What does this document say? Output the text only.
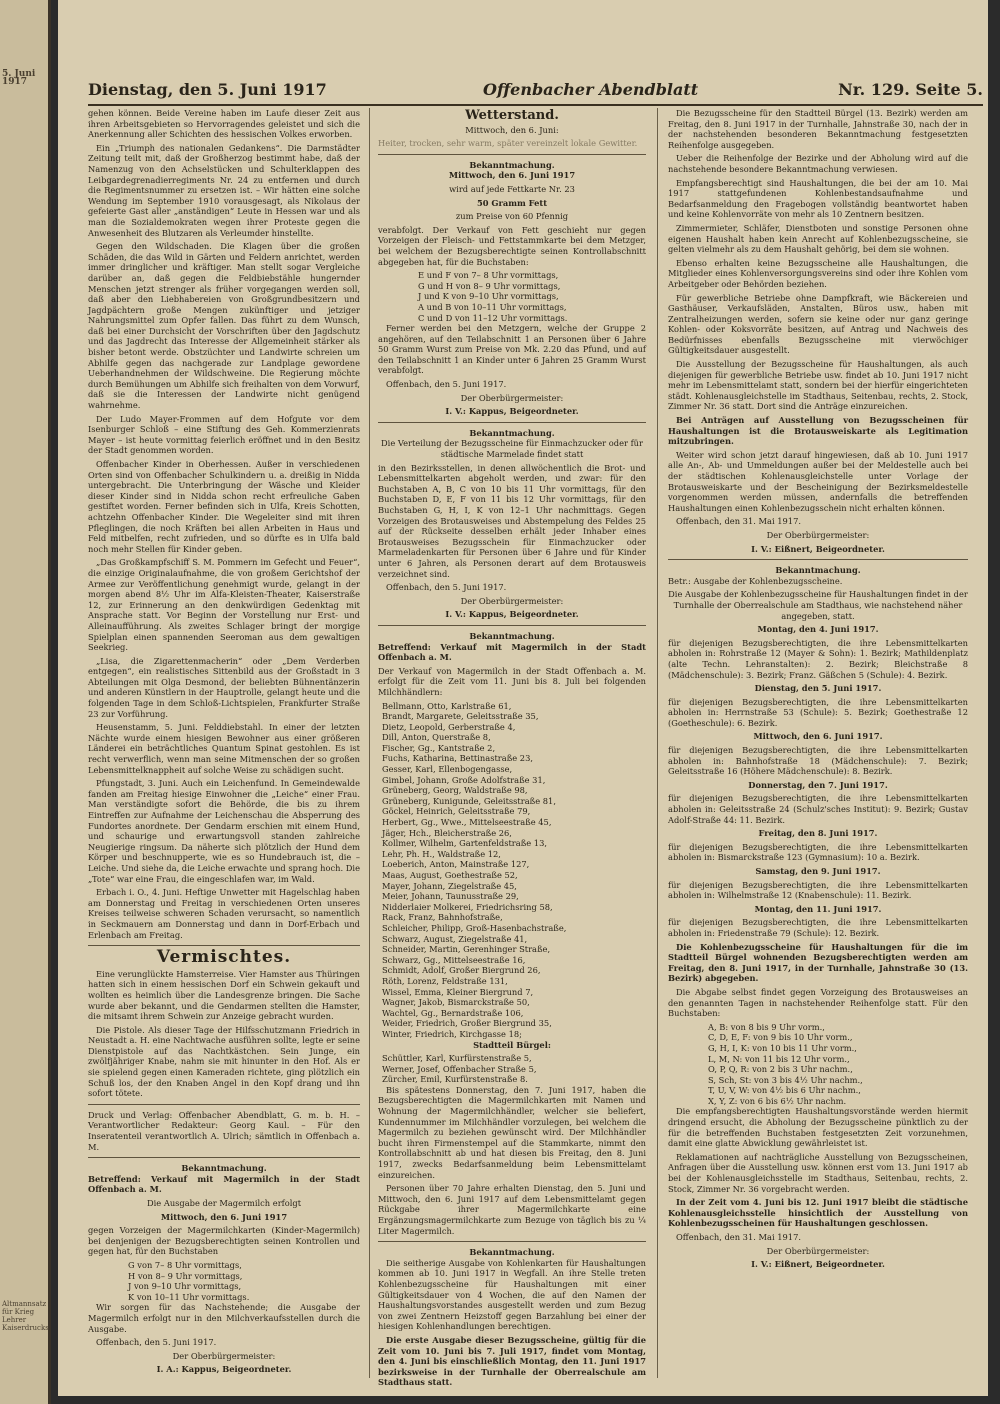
5. Juni 1917
Altmannsatz für Krieg Lehrer Kaiserdrucks
Dienstag, den 5. Juni 1917	Offenbacher Abendblatt	Nr. 129. Seite 5.

gehen können. Beide Vereine haben im Laufe dieser Zeit aus ihren Arbeitsgebieten so Hervorragendes geleistet und sich die Anerkennung aller Schichten des hessischen Volkes erworben.

Ein „Triumph des nationalen Gedankens“. Die Darmstädter Zeitung teilt mit, daß der Großherzog bestimmt habe, daß der Namenzug von den Achselstücken und Schulterklappen des Leibgardegrenadierregiments Nr. 24 zu entfernen und durch die Regimentsnummer zu ersetzen ist. – Wir hätten eine solche Wendung im September 1910 vorausgesagt, als Nikolaus der gefeierte Gast aller „anständigen“ Leute in Hessen war und als man die Sozialdemokraten wegen ihrer Proteste gegen die Anwesenheit des Blutzaren als Verleumder hinstellte.

Gegen den Wildschaden. Die Klagen über die großen Schäden, die das Wild in Gärten und Feldern anrichtet, werden immer dringlicher und kräftiger. Man stellt sogar Vergleiche darüber an, daß gegen die Feldbiebstähle hungernder Menschen jetzt strenger als früher vorgegangen werden soll, daß aber den Liebhabereien von Großgrundbesitzern und Jagdpächtern große Mengen zukünftiger und jetziger Nahrungsmittel zum Opfer fallen. Das führt zu dem Wunsch, daß bei einer Durchsicht der Vorschriften über den Jagdschutz und das Jagdrecht das Interesse der Allgemeinheit stärker als bisher betont werde. Obstzüchter und Landwirte schreien um Abhilfe gegen das nachgerade zur Landplage gewordene Ueberhandnehmen der Wildschweine. Die Regierung möchte durch Bemühungen um Abhilfe sich freihalten von dem Vorwurf, daß sie die Interessen der Landwirte nicht genügend wahrnehme.

Der Ludo Mayer-Frommen auf dem Hofgute vor dem Isenburger Schloß – eine Stiftung des Geh. Kommerzienrats Mayer – ist heute vormittag feierlich eröffnet und in den Besitz der Stadt genommen worden.

Offenbacher Kinder in Oberhessen. Außer in verschiedenen Orten sind von Offenbacher Schulkindern u. a. dreißig in Nidda untergebracht. Die Unterbringung der Wäsche und Kleider dieser Kinder sind in Nidda schon recht erfreuliche Gaben gestiftet worden. Ferner befinden sich in Ulfa, Kreis Schotten, achtzehn Offenbacher Kinder. Die Wegeleiter sind mit ihren Pfleglingen, die noch Kräften bei allen Arbeiten in Haus und Feld mitbelfen, recht zufrieden, und so dürfte es in Ulfa bald noch mehr Stellen für Kinder geben.

„Das Großkampfschiff S. M. Pommern im Gefecht und Feuer“, die einzige Originalaufnahme, die von großem Gerichtshof der Armee zur Veröffentlichung genehmigt wurde, gelangt in der morgen abend 8½ Uhr im Alfa-Kleisten-Theater, Kaiserstraße 12, zur Erinnerung an den denkwürdigen Gedenktag mit Ansprache statt. Vor Beginn der Vorstellung nur Erst- und Alleinaufführung. Als zweites Schlager bringt der morgige Spielplan einen spannenden Seeroman aus dem gewaltigen Seekrieg.

„Lisa, die Zigarettenmacherin“ oder „Dem Verderben entgegen“, ein realistisches Sittenbild aus der Großstadt in 3 Abteilungen mit Olga Desmond, der beliebten Bühnentänzerin und anderen Künstlern in der Hauptrolle, gelangt heute und die folgenden Tage in dem Schloß-Lichtspielen, Frankfurter Straße 23 zur Vorführung.

Heusenstamm, 5. Juni. Felddiebstahl. In einer der letzten Nächte wurde einem hiesigen Bewohner aus einer größeren Länderei ein beträchtliches Quantum Spinat gestohlen. Es ist recht verwerflich, wenn man seine Mitmenschen der so großen Lebensmittelknappheit auf solche Weise zu schädigen sucht.

Pfungstadt, 3. Juni. Auch ein Leichenfund. In Gemeindewalde fanden am Freitag hiesige Einwohner die „Leiche“ einer Frau. Man verständigte sofort die Behörde, die bis zu ihrem Eintreffen zur Aufnahme der Leichenschau die Absperrung des Fundortes anordnete. Der Gendarm erschien mit einem Hund, und schaurige und erwartungsvoll standen zahlreiche Neugierige ringsum. Da näherte sich plötzlich der Hund dem Körper und beschnupperte, wie es so Hundebrauch ist, die – Leiche. Und siehe da, die Leiche erwachte und sprang hoch. Die „Tote“ war eine Frau, die eingeschlafen war, im Wald.

Erbach i. O., 4. Juni. Heftige Unwetter mit Hagelschlag haben am Donnerstag und Freitag in verschiedenen Orten unseres Kreises teilweise schweren Schaden verursacht, so namentlich in Seckmauern am Donnerstag und dann in Dorf-Erbach und Erlenbach am Freitag.

Vermischtes.

Eine verunglückte Hamsterreise. Vier Hamster aus Thüringen hatten sich in einem hessischen Dorf ein Schwein gekauft und wollten es heimlich über die Landesgrenze bringen. Die Sache wurde aber bekannt, und die Gendarmen stellten die Hamster, die mitsamt ihrem Schwein zur Anzeige gebracht wurden.

Die Pistole. Als dieser Tage der Hilfsschutzmann Friedrich in Neustadt a. H. eine Nachtwache ausführen sollte, legte er seine Dienstpistole auf das Nachtkästchen. Sein Junge, ein zwölfjähriger Knabe, nahm sie mit hinunter in den Hof. Als er sie spielend gegen einen Kameraden richtete, ging plötzlich ein Schuß los, der den Knaben Angel in den Kopf drang und ihn sofort tötete.

Druck und Verlag: Offenbacher Abendblatt, G. m. b. H. – Verantwortlicher Redakteur: Georg Kaul. – Für den Inseratenteil verantwortlich A. Ulrich; sämtlich in Offenbach a. M.

Bekanntmachung.

Betreffend: Verkauf mit Magermilch in der Stadt Offenbach a. M.

Die Ausgabe der Magermilch erfolgt

Mittwoch, den 6. Juni 1917

gegen Vorzeigen der Magermilchkarten (Kinder-Magermilch) bei denjenigen der Bezugsberechtigten seinen Kontrollen und gegen hat, für den Buchstaben

G von 7– 8 Uhr vormittags,
H von 8– 9 Uhr vormittags,
J von 9–10 Uhr vormittags,
K von 10–11 Uhr vormittags.

Wir sorgen für das Nachstehende; die Ausgabe der Magermilch erfolgt nur in den Milchverkaufsstellen durch die Ausgabe.

Offenbach, den 5. Juni 1917.

Der Oberbürgermeister:

I. A.: Kappus, Beigeordneter.

Wetterstand.

Mittwoch, den 6. Juni:

Heiter, trocken, sehr warm, später vereinzelt lokale Gewitter.

Bekanntmachung.

Mittwoch, den 6. Juni 1917

wird auf jede Fettkarte Nr. 23

50 Gramm Fett

zum Preise von 60 Pfennig

verabfolgt. Der Verkauf von Fett geschieht nur gegen Vorzeigen der Fleisch- und Fettstammkarte bei dem Metzger, bei welchem der Bezugsberechtigte seinen Kontrollabschnitt abgegeben hat, für die Buchstaben:

E und F von 7– 8 Uhr vormittags,
G und H von 8– 9 Uhr vormittags,
J und K von 9–10 Uhr vormittags,
A und B von 10–11 Uhr vormittags,
C und D von 11–12 Uhr vormittags.

Ferner werden bei den Metzgern, welche der Gruppe 2 angehören, auf den Teilabschnitt 1 an Personen über 6 Jahre 50 Gramm Wurst zum Preise von Mk. 2.20 das Pfund, und auf den Teilabschnitt 1 an Kinder unter 6 Jahren 25 Gramm Wurst verabfolgt.

Offenbach, den 5. Juni 1917.

Der Oberbürgermeister:

I. V.: Kappus, Beigeordneter.

Bekanntmachung.

Die Verteilung der Bezugsscheine für Einmachzucker oder für städtische Marmelade findet statt

in den Bezirksstellen, in denen allwöchentlich die Brot- und Lebensmittelkarten abgeholt werden, und zwar: für den Buchstaben A, B, C von 10 bis 11 Uhr vormittags, für den Buchstaben D, E, F von 11 bis 12 Uhr vormittags, für den Buchstaben G, H, I, K von 12–1 Uhr nachmittags. Gegen Vorzeigen des Brotausweises und Abstempelung des Feldes 25 auf der Rückseite desselben erhält jeder Inhaber eines Brotausweises Bezugsschein für Einmachzucker oder Marmeladenkarten für Personen über 6 Jahre und für Kinder unter 6 Jahren, als Personen derart auf dem Brotausweis verzeichnet sind.

Offenbach, den 5. Juni 1917.

Der Oberbürgermeister:

I. V.: Kappus, Beigeordneter.

Bekanntmachung.

Betreffend: Verkauf mit Magermilch in der Stadt Offenbach a. M.

Der Verkauf von Magermilch in der Stadt Offenbach a. M. erfolgt für die Zeit vom 11. Juni bis 8. Juli bei folgenden Milchhändlern:

Bellmann, Otto, Karlstraße 61,
Brandt, Margarete, Geleitsstraße 35,
Dietz, Leopold, Gerberstraße 4,
Dill, Anton, Querstraße 8,
Fischer, Gg., Kantstraße 2,
Fuchs, Katharina, Bettinastraße 23,
Gesser, Karl, Ellenbogengasse,
Gimbel, Johann, Große Adolfstraße 31,
Grüneberg, Georg, Waldstraße 98,
Grüneberg, Kunigunde, Geleitsstraße 81,
Göckel, Heinrich, Geleitsstraße 79,
Herbert, Gg., Wwe., Mittelseestraße 45,
Jäger, Hch., Bleicherstraße 26,
Kollmer, Wilhelm, Gartenfeldstraße 13,
Lehr, Ph. H., Waldstraße 12,
Loeberich, Anton, Mainstraße 127,
Maas, August, Goethestraße 52,
Mayer, Johann, Ziegelstraße 45,
Meier, Johann, Taunusstraße 29,
Nidderlaier Molkerei, Friedrichsring 58,
Rack, Franz, Bahnhofstraße,
Schleicher, Philipp, Groß-Hasenbachstraße,
Schwarz, August, Ziegelstraße 41,
Schneider, Martin, Gerenhinger Straße,
Schwarz, Gg., Mittelseestraße 16,
Schmidt, Adolf, Großer Biergrund 26,
Röth, Lorenz, Feldstraße 131,
Wissel, Emma, Kleiner Biergrund 7,
Wagner, Jakob, Bismarckstraße 50,
Wachtel, Gg., Bernardstraße 106,
Weider, Friedrich, Großer Biergrund 35,
Winter, Friedrich, Kirchgasse 18;

Stadtteil Bürgel:

Schüttler, Karl, Kurfürstenstraße 5,
Werner, Josef, Offenbacher Straße 5,
Zürcher, Emil, Kurfürstenstraße 8.

Bis spätestens Donnerstag, den 7. Juni 1917, haben die Bezugsberechtigten die Magermilchkarten mit Namen und Wohnung der Magermilchhändler, welcher sie beliefert, Kundennummer im Milchhändler vorzulegen, bei welchem die Magermilch zu beziehen gewünscht wird. Der Milchhändler bucht ihren Firmenstempel auf die Stammkarte, nimmt den Kontrollabschnitt ab und hat diesen bis Freitag, den 8. Juni 1917, zwecks Bedarfsanmeldung beim Lebensmittelamt einzureichen.

Personen über 70 Jahre erhalten Dienstag, den 5. Juni und Mittwoch, den 6. Juni 1917 auf dem Lebensmittelamt gegen Rückgabe ihrer Magermilchkarte eine Ergänzungsmagermilchkarte zum Bezuge von täglich bis zu ¼ Liter Magermilch.

Bekanntmachung.

Die seitherige Ausgabe von Kohlenkarten für Haushaltungen kommen ab 10. Juni 1917 in Wegfall. An ihre Stelle treten Kohlenbezugsscheine für Haushaltungen mit einer Gültigkeitsdauer von 4 Wochen, die auf den Namen der Haushaltungsvorstandes ausgestellt werden und zum Bezug von zwei Zentnern Heizstoff gegen Barzahlung bei einer der hiesigen Kohlenhandlungen berechtigen.

Die erste Ausgabe dieser Bezugsscheine, gültig für die Zeit vom 10. Juni bis 7. Juli 1917, findet vom Montag, den 4. Juni bis einschließlich Montag, den 11. Juni 1917 bezirksweise in der Turnhalle der Oberrealschule am Stadthaus statt.

Die Bezugsscheine für den Stadtteil Bürgel (13. Bezirk) werden am Freitag, den 8. Juni 1917 in der Turnhalle, Jahnstraße 30, nach der in der nachstehenden besonderen Bekanntmachung festgesetzten Reihenfolge ausgegeben.

Ueber die Reihenfolge der Bezirke und der Abholung wird auf die nachstehende besondere Bekanntmachung verwiesen.

Empfangsberechtigt sind Haushaltungen, die bei der am 10. Mai 1917 stattgefundenen Kohlenbestandsaufnahme und Bedarfsanmeldung den Fragebogen vollständig beantwortet haben und keine Kohlenvorräte von mehr als 10 Zentnern besitzen.

Zimmermieter, Schläfer, Dienstboten und sonstige Personen ohne eigenen Haushalt haben kein Anrecht auf Kohlenbezugsscheine, sie gelten vielmehr als zu dem Haushalt gehörig, bei dem sie wohnen.

Ebenso erhalten keine Bezugsscheine alle Haushaltungen, die Mitglieder eines Kohlenversorgungsvereins sind oder ihre Kohlen vom Arbeitgeber oder Behörden beziehen.

Für gewerbliche Betriebe ohne Dampfkraft, wie Bäckereien und Gasthäuser, Verkaufsläden, Anstalten, Büros usw., haben mit Zentralheizungen werden, sofern sie keine oder nur ganz geringe Kohlen- oder Koksvorräte besitzen, auf Antrag und Nachweis des Bedürfnisses ebenfalls Bezugsscheine mit vierwöchiger Gültigkeitsdauer ausgestellt.

Die Ausstellung der Bezugsscheine für Haushaltungen, als auch diejenigen für gewerbliche Betriebe usw. findet ab 10. Juni 1917 nicht mehr im Lebensmittelamt statt, sondern bei der hierfür eingerichteten städt. Kohlenausgleichstelle im Stadthaus, Seitenbau, rechts, 2. Stock, Zimmer Nr. 36 statt. Dort sind die Anträge einzureichen.

Bei Anträgen auf Ausstellung von Bezugsscheinen für Haushaltungen ist die Brotausweiskarte als Legitimation mitzubringen.

Weiter wird schon jetzt darauf hingewiesen, daß ab 10. Juni 1917 alle An-, Ab- und Ummeldungen außer bei der Meldestelle auch bei der städtischen Kohlenausgleichstelle unter Vorlage der Brotausweiskarte und der Bescheinigung der Bezirksmeldestelle vorgenommen werden müssen, andernfalls die betreffenden Haushaltungen einen Kohlenbezugsschein nicht erhalten können.

Offenbach, den 31. Mai 1917.

Der Oberbürgermeister:

I. V.: Eißnert, Beigeordneter.

Bekanntmachung.

Betr.: Ausgabe der Kohlenbezugsscheine.

Die Ausgabe der Kohlenbezugsscheine für Haushaltungen findet in der Turnhalle der Oberrealschule am Stadthaus, wie nachstehend näher angegeben, statt.

Montag, den 4. Juni 1917.

für diejenigen Bezugsberechtigten, die ihre Lebensmittelkarten abholen in: Rohrstraße 12 (Mayer & Sohn): 1. Bezirk; Mathildenplatz (alte Techn. Lehranstalten): 2. Bezirk; Bleichstraße 8 (Mädchenschule): 3. Bezirk; Franz. Gäßchen 5 (Schule): 4. Bezirk.

Dienstag, den 5. Juni 1917.

für diejenigen Bezugsberechtigten, die ihre Lebensmittelkarten abholen in: Herrnstraße 53 (Schule): 5. Bezirk; Goethestraße 12 (Goetheschule): 6. Bezirk.

Mittwoch, den 6. Juni 1917.

für diejenigen Bezugsberechtigten, die ihre Lebensmittelkarten abholen in: Bahnhofstraße 18 (Mädchenschule): 7. Bezirk; Geleitsstraße 16 (Höhere Mädchenschule): 8. Bezirk.

Donnerstag, den 7. Juni 1917.

für diejenigen Bezugsberechtigten, die ihre Lebensmittelkarten abholen in: Geleitsstraße 24 (Schulz'sches Institut): 9. Bezirk; Gustav Adolf-Straße 44: 11. Bezirk.

Freitag, den 8. Juni 1917.

für diejenigen Bezugsberechtigten, die ihre Lebensmittelkarten abholen in: Bismarckstraße 123 (Gymnasium): 10 a. Bezirk.

Samstag, den 9. Juni 1917.

für diejenigen Bezugsberechtigten, die ihre Lebensmittelkarten abholen in: Wilhelmstraße 12 (Knabenschule): 11. Bezirk.

Montag, den 11. Juni 1917.

für diejenigen Bezugsberechtigten, die ihre Lebensmittelkarten abholen in: Friedenstraße 79 (Schule): 12. Bezirk.

Die Kohlenbezugsscheine für Haushaltungen für die im Stadtteil Bürgel wohnenden Bezugsberechtigten werden am Freitag, den 8. Juni 1917, in der Turnhalle, Jahnstraße 30 (13. Bezirk) abgegeben.

Die Abgabe selbst findet gegen Vorzeigung des Brotausweises an den genannten Tagen in nachstehender Reihenfolge statt. Für den Buchstaben:

A, B: von 8 bis 9 Uhr vorm.,
C, D, E, F: von 9 bis 10 Uhr vorm.,
G, H, I, K: von 10 bis 11 Uhr vorm.,
L, M, N: von 11 bis 12 Uhr vorm.,
O, P, Q, R: von 2 bis 3 Uhr nachm.,
S, Sch, St: von 3 bis 4½ Uhr nachm.,
T, U, V, W: von 4½ bis 6 Uhr nachm.,
X, Y, Z: von 6 bis 6½ Uhr nachm.

Die empfangsberechtigten Haushaltungsvorstände werden hiermit dringend ersucht, die Abholung der Bezugsscheine pünktlich zu der für die betreffenden Buchstaben festgesetzten Zeit vorzunehmen, damit eine glatte Abwicklung gewährleistet ist.

Reklamationen auf nachträgliche Ausstellung von Bezugsscheinen, Anfragen über die Ausstellung usw. können erst vom 13. Juni 1917 ab bei der Kohlenausgleichsstelle im Stadthaus, Seitenbau, rechts, 2. Stock, Zimmer Nr. 36 vorgebracht werden.

In der Zeit vom 4. Juni bis 12. Juni 1917 bleibt die städtische Kohlenausgleichsstelle hinsichtlich der Ausstellung von Kohlenbezugsscheinen für Haushaltungen geschlossen.

Offenbach, den 31. Mai 1917.

Der Oberbürgermeister:

I. V.: Eißnert, Beigeordneter.
